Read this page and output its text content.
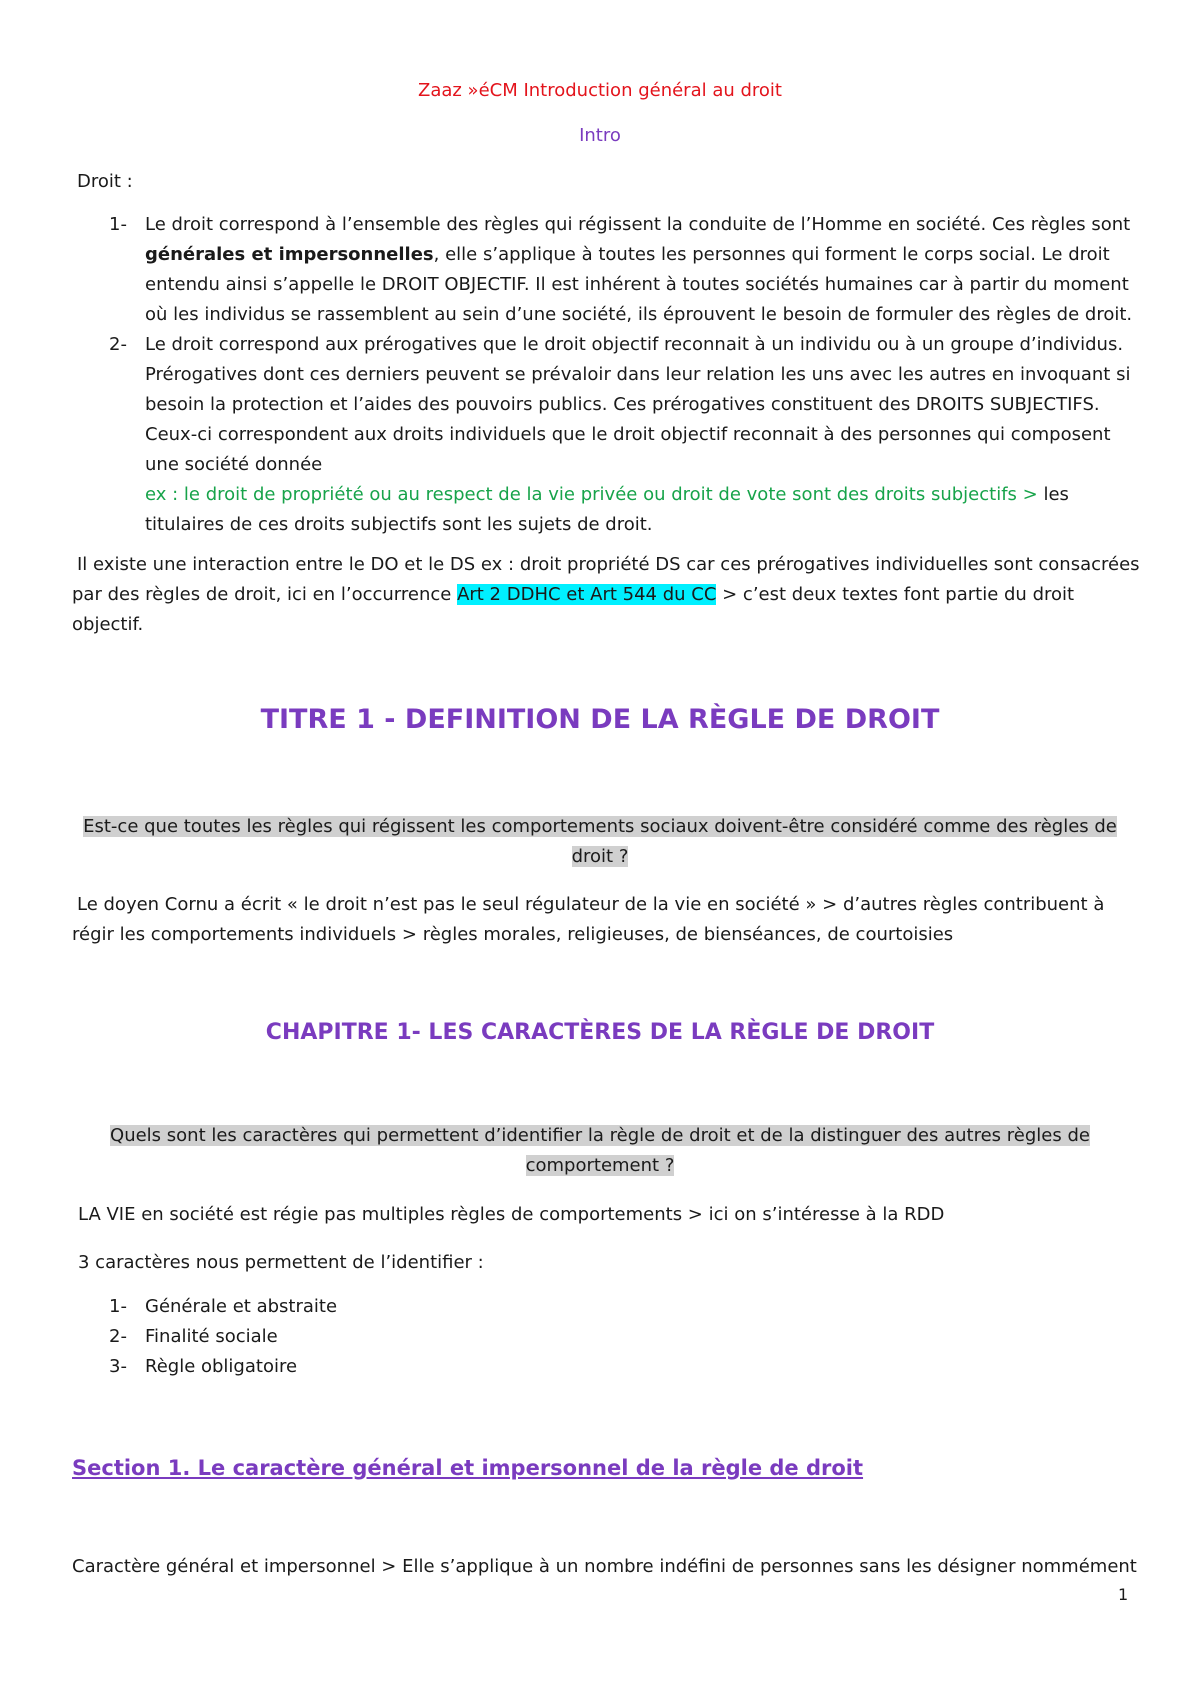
Zaaz »éCM Introduction général au droit

Intro

Droit :

1- Le droit correspond à l’ensemble des règles qui régissent la conduite de l’Homme en société. Ces règles sont générales et impersonnelles, elle s’applique à toutes les personnes qui forment le corps social. Le droit entendu ainsi s’appelle le DROIT OBJECTIF. Il est inhérent à toutes sociétés humaines car à partir du moment où les individus se rassemblent au sein d’une société, ils éprouvent le besoin de formuler des règles de droit.
2- Le droit correspond aux prérogatives que le droit objectif reconnait à un individu ou à un groupe d’individus. Prérogatives dont ces derniers peuvent se prévaloir dans leur relation les uns avec les autres en invoquant si besoin la protection et l’aides des pouvoirs publics. Ces prérogatives constituent des DROITS SUBJECTIFS. Ceux-ci correspondent aux droits individuels que le droit objectif reconnait à des personnes qui composent une société donnée
ex : le droit de propriété ou au respect de la vie privée ou droit de vote sont des droits subjectifs > les titulaires de ces droits subjectifs sont les sujets de droit.

Il existe une interaction entre le DO et le DS ex : droit propriété DS car ces prérogatives individuelles sont consacrées par des règles de droit, ici en l’occurrence Art 2 DDHC et Art 544 du CC > c’est deux textes font partie du droit objectif.

TITRE 1 - DEFINITION DE LA RÈGLE DE DROIT

Est-ce que toutes les règles qui régissent les comportements sociaux doivent-être considéré comme des règles de droit ?

Le doyen Cornu a écrit « le droit n’est pas le seul régulateur de la vie en société » > d’autres règles contribuent à régir les comportements individuels > règles morales, religieuses, de bienséances, de courtoisies

CHAPITRE 1- LES CARACTÈRES DE LA RÈGLE DE DROIT

Quels sont les caractères qui permettent d’identifier la règle de droit et de la distinguer des autres règles de comportement ?

LA VIE en société est régie pas multiples règles de comportements > ici on s’intéresse à la RDD

3 caractères nous permettent de l’identifier :

1- Générale et abstraite
2- Finalité sociale
3- Règle obligatoire

Section 1. Le caractère général et impersonnel de la règle de droit

Caractère général et impersonnel > Elle s’applique à un nombre indéfini de personnes sans les désigner nommément

1
